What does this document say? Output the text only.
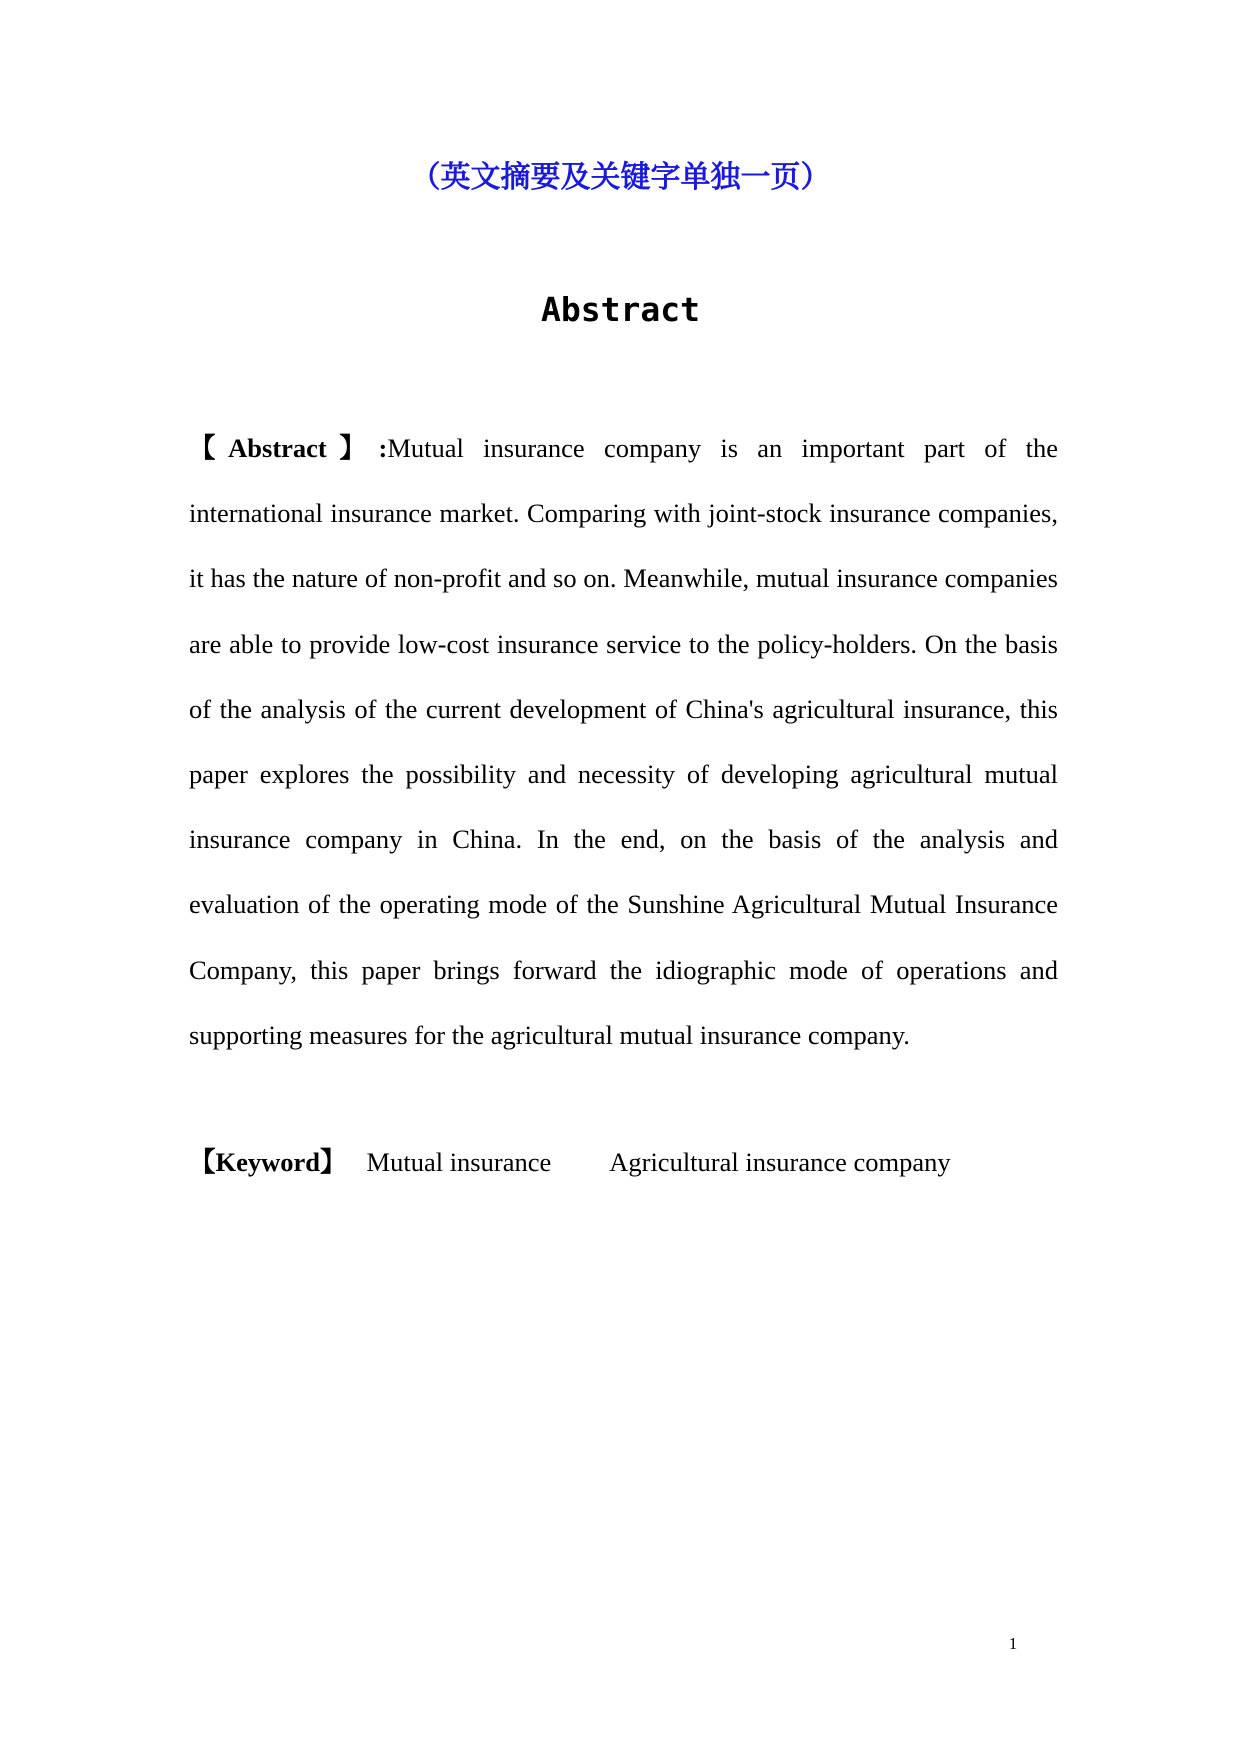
（英文摘要及关键字单独一页）
Abstract

【Abstract】:Mutual insurance company is an important part of the international insurance market. Comparing with joint-stock insurance companies, it has the nature of non-profit and so on. Meanwhile, mutual insurance companies are able to provide low-cost insurance service to the policy-holders. On the basis of the analysis of the current development of China's agricultural insurance, this paper explores the possibility and necessity of developing agricultural mutual insurance company in China. In the end, on the basis of the analysis and evaluation of the operating mode of the Sunshine Agricultural Mutual Insurance Company, this paper brings forward the idiographic mode of operations and supporting measures for the agricultural mutual insurance company.

【Keyword】 Mutual insurance Agricultural insurance company
1
